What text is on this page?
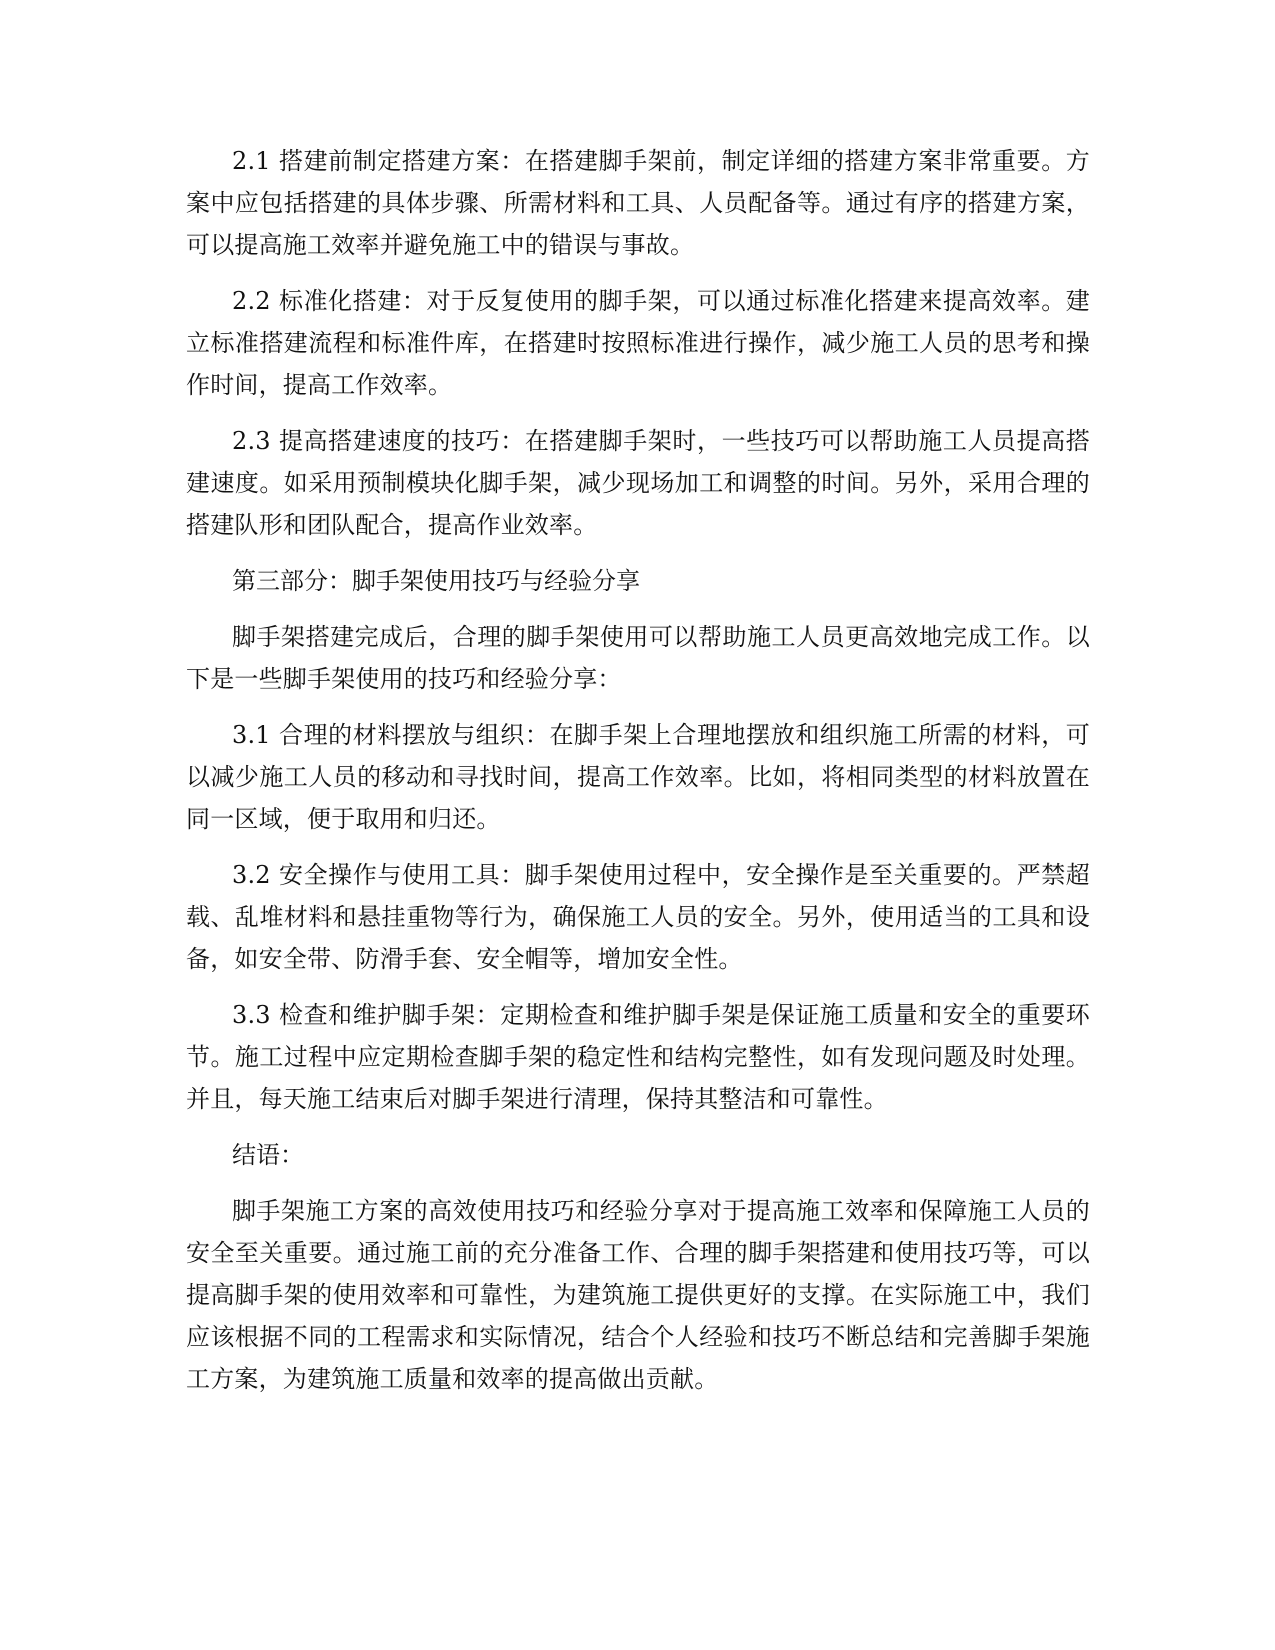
2.1 搭建前制定搭建方案：在搭建脚手架前，制定详细的搭建方案非常重要。方案中应包括搭建的具体步骤、所需材料和工具、人员配备等。通过有序的搭建方案，可以提高施工效率并避免施工中的错误与事故。

2.2 标准化搭建：对于反复使用的脚手架，可以通过标准化搭建来提高效率。建立标准搭建流程和标准件库，在搭建时按照标准进行操作，减少施工人员的思考和操作时间，提高工作效率。

2.3 提高搭建速度的技巧：在搭建脚手架时，一些技巧可以帮助施工人员提高搭建速度。如采用预制模块化脚手架，减少现场加工和调整的时间。另外，采用合理的搭建队形和团队配合，提高作业效率。

第三部分：脚手架使用技巧与经验分享

脚手架搭建完成后，合理的脚手架使用可以帮助施工人员更高效地完成工作。以下是一些脚手架使用的技巧和经验分享：

3.1 合理的材料摆放与组织：在脚手架上合理地摆放和组织施工所需的材料，可以减少施工人员的移动和寻找时间，提高工作效率。比如，将相同类型的材料放置在同一区域，便于取用和归还。

3.2 安全操作与使用工具：脚手架使用过程中，安全操作是至关重要的。严禁超载、乱堆材料和悬挂重物等行为，确保施工人员的安全。另外，使用适当的工具和设备，如安全带、防滑手套、安全帽等，增加安全性。

3.3 检查和维护脚手架：定期检查和维护脚手架是保证施工质量和安全的重要环节。施工过程中应定期检查脚手架的稳定性和结构完整性，如有发现问题及时处理。并且，每天施工结束后对脚手架进行清理，保持其整洁和可靠性。

结语：

脚手架施工方案的高效使用技巧和经验分享对于提高施工效率和保障施工人员的安全至关重要。通过施工前的充分准备工作、合理的脚手架搭建和使用技巧等，可以提高脚手架的使用效率和可靠性，为建筑施工提供更好的支撑。在实际施工中，我们应该根据不同的工程需求和实际情况，结合个人经验和技巧不断总结和完善脚手架施工方案，为建筑施工质量和效率的提高做出贡献。
